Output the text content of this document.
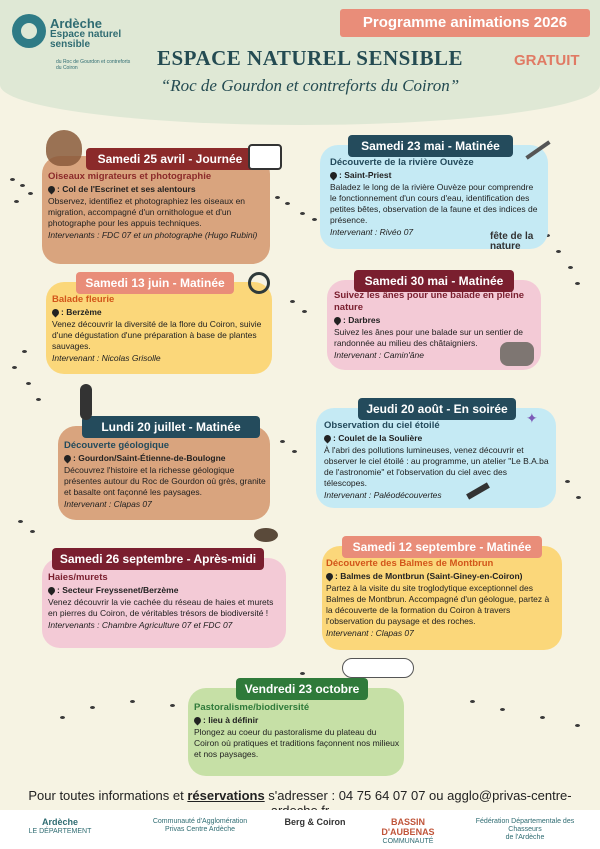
Ardèche
Espace naturel sensible
du Roc de Gourdon et contreforts du Coiron
Programme animations 2026
GRATUIT
ESPACE NATUREL SENSIBLE
“Roc de Gourdon et contreforts du Coiron”
Samedi 25 avril - Journée
Oiseaux migrateurs et photographie
: Col de l'Escrinet et ses alentours
Observez, identifiez et photographiez les oiseaux en migration, accompagné d'un ornithologue et d'un photographe pour les appuis techniques.
Intervenants : FDC 07 et un photographe (Hugo Rubini)
Samedi 23 mai - Matinée
Découverte de la rivière Ouvèze
: Saint-Priest
Baladez le long de la rivière Ouvèze pour comprendre le fonctionnement d'un cours d'eau, identification des petites bêtes, observation de la faune et des indices de présence.
Intervenant : Rivéo 07	fête de la nature
Samedi 13 juin - Matinée
Balade fleurie
: Berzème
Venez découvrir la diversité de la flore du Coiron, suivie d'une dégustation d'une préparation à base de plantes sauvages.
Intervenant : Nicolas Grisolle
Samedi 30 mai - Matinée
Suivez les ânes pour une balade en pleine nature
: Darbres
Suivez les ânes pour une balade sur un sentier de randonnée au milieu des châtaigniers.
Intervenant : Camin'âne
Lundi 20 juillet - Matinée
Découverte géologique
: Gourdon/Saint-Étienne-de-Boulogne
Découvrez l'histoire et la richesse géologique présentes autour du Roc de Gourdon où grès, granite et basalte ont façonné les paysages.
Intervenant : Clapas 07
Jeudi 20 août - En soirée
Observation du ciel étoilé
: Coulet de la Soulière
À l'abri des pollutions lumineuses, venez découvrir et observer le ciel étoilé : au programme, un atelier "Le B.A.ba de l'astronomie" et l'observation du ciel avec des télescopes.
Intervenant : Paléodécouvertes
Samedi 26 septembre - Après-midi
Haies/murets
: Secteur Freyssenet/Berzème
Venez découvrir la vie cachée du réseau de haies et murets en pierres du Coiron, de véritables trésors de biodiversité !
Intervenants : Chambre Agriculture 07 et FDC 07
Samedi 12 septembre - Matinée
Découverte des Balmes de Montbrun
: Balmes de Montbrun (Saint-Giney-en-Coiron)
Partez à la visite du site troglodytique exceptionnel des Balmes de Montbrun. Accompagné d'un géologue, partez à la découverte de la formation du Coiron à travers l'observation du paysage et des roches.
Intervenant : Clapas 07
Vendredi 23 octobre
Pastoralisme/biodiversité
: lieu à définir
Plongez au coeur du pastoralisme du plateau du Coiron où pratiques et traditions façonnent nos milieux et nos paysages.
✦
Pour toutes informations et réservations s'adresser : 04 75 64 07 07 ou agglo@privas-centre-
Ardèche
LE DÉPARTEMENT
Communauté d'Agglomération
Privas Centre Ardèche
Berg & Coiron	BASSIN D'AUBENAS
COMMUNAUTÉ
Fédération Départementale des Chasseurs
de l'Ardèche
